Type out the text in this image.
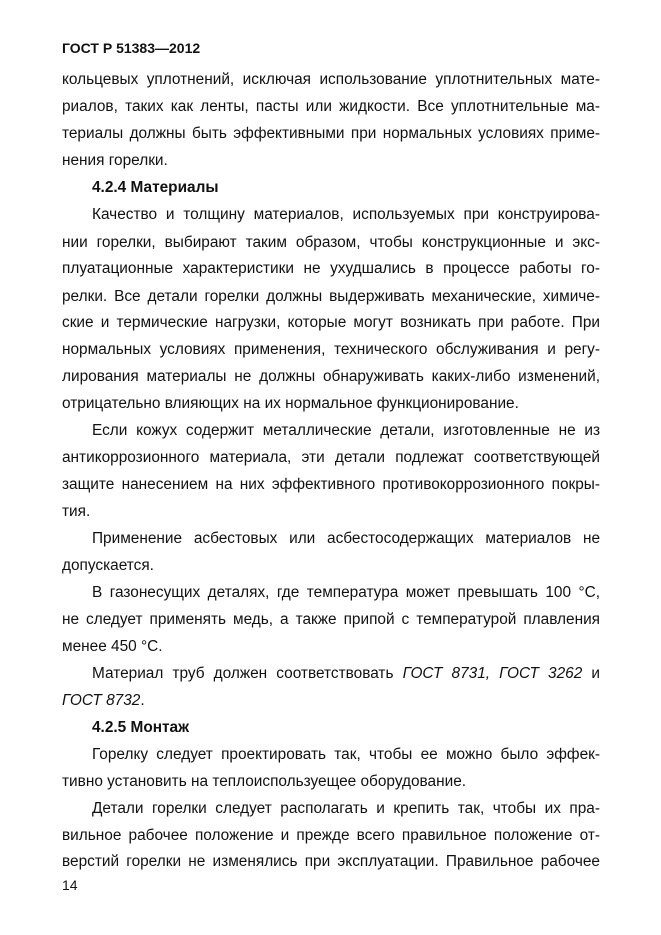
ГОСТ Р 51383—2012
кольцевых уплотнений, исключая использование уплотнительных мате-
риалов, таких как ленты, пасты или жидкости. Все уплотнительные ма-
териалы должны быть эффективными при нормальных условиях приме-
нения горелки.
4.2.4 Материалы
Качество и толщину материалов, используемых при конструирова-
нии горелки, выбирают таким образом, чтобы конструкционные и экс-
плуатационные характеристики не ухудшались в процессе работы го-
релки. Все детали горелки должны выдерживать механические, химиче-
ские и термические нагрузки, которые могут возникать при работе. При
нормальных условиях применения, технического обслуживания и регу-
лирования материалы не должны обнаруживать каких-либо изменений,
отрицательно влияющих на их нормальное функционирование.
Если кожух содержит металлические детали, изготовленные не из
антикоррозионного материала, эти детали подлежат соответствующей
защите нанесением на них эффективного противокоррозионного покры-
тия.
Применение асбестовых или асбестосодержащих материалов не
допускается.
В газонесущих деталях, где температура может превышать 100 °С,
не следует применять медь, а также припой с температурой плавления
менее 450 °С.
Материал труб должен соответствовать ГОСТ 8731, ГОСТ 3262 и
ГОСТ 8732.
4.2.5 Монтаж
Горелку следует проектировать так, чтобы ее можно было эффек-
тивно установить на теплоиспользуещее оборудование.
Детали горелки следует располагать и крепить так, чтобы их пра-
вильное рабочее положение и прежде всего правильное положение от-
верстий горелки не изменялись при эксплуатации. Правильное рабочее
14
